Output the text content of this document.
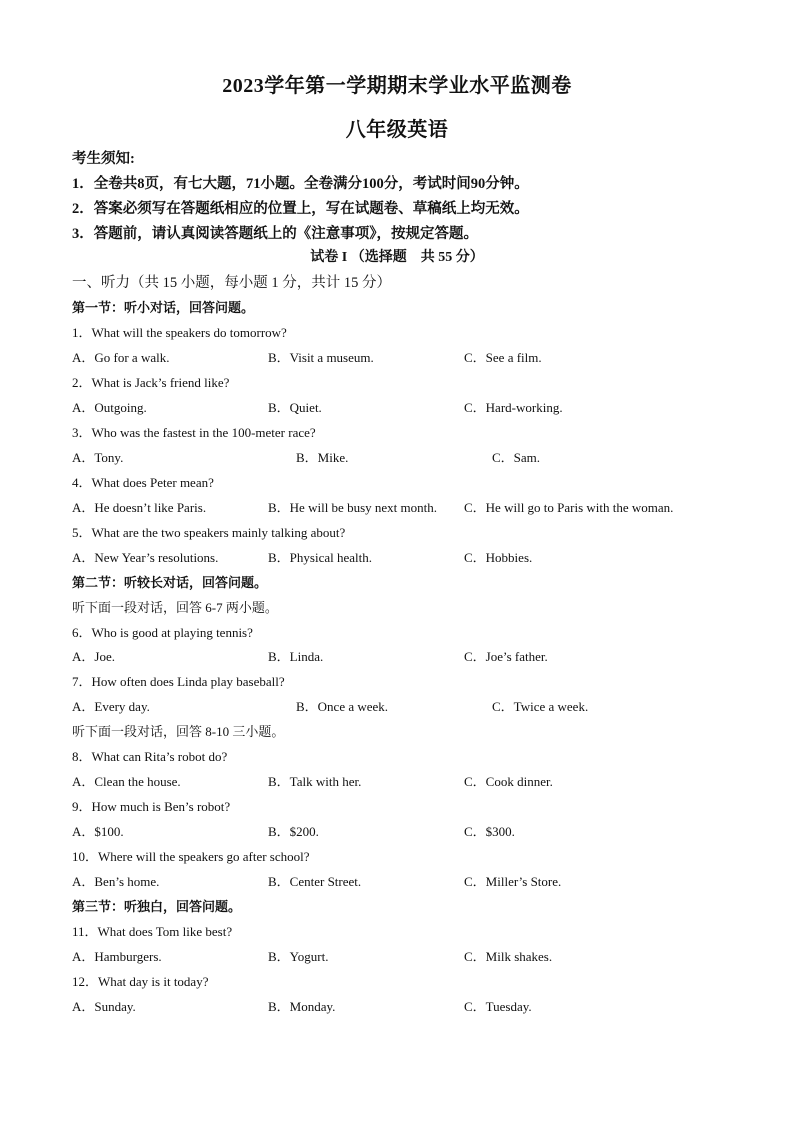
2023学年第一学期期末学业水平监测卷
八年级英语
考生须知:
1．全卷共8页，有七大题，71小题。全卷满分100分，考试时间90分钟。
2．答案必须写在答题纸相应的位置上，写在试题卷、草稿纸上均无效。
3．答题前，请认真阅读答题纸上的《注意事项》，按规定答题。
试卷 I （选择题　共 55 分）
一、听力（共 15 小题，每小题 1 分，共计 15 分）
第一节：听小对话，回答问题。
1．What will the speakers do tomorrow?
A．Go for a walk.	B．Visit a museum.	C．See a film.
2．What is Jack’s friend like?
A．Outgoing.	B．Quiet.	C．Hard-working.
3．Who was the fastest in the 100-meter race?
A．Tony.	B．Mike.	C．Sam.
4．What does Peter mean?
A．He doesn’t like Paris.	B．He will be busy next month. C．He will go to Paris with the woman.
5．What are the two speakers mainly talking about?
A．New Year’s resolutions.	B．Physical health.	C．Hobbies.
第二节：听较长对话，回答问题。
听下面一段对话，回答 6-7 两小题。
6．Who is good at playing tennis?
A．Joe.	B．Linda.	C．Joe’s father.
7．How often does Linda play baseball?
A．Every day.	B．Once a week.	C．Twice a week.
听下面一段对话，回答 8-10 三小题。
8．What can Rita’s robot do?
A．Clean the house.	B．Talk with her.	C．Cook dinner.
9．How much is Ben’s robot?
A．$100.	B．$200.	C．$300.
10．Where will the speakers go after school?
A．Ben’s home.	B．Center Street.	C．Miller’s Store.
第三节：听独白，回答问题。
11．What does Tom like best?
A．Hamburgers.	B．Yogurt.	C．Milk shakes.
12．What day is it today?
A．Sunday.	B．Monday.	C．Tuesday.
